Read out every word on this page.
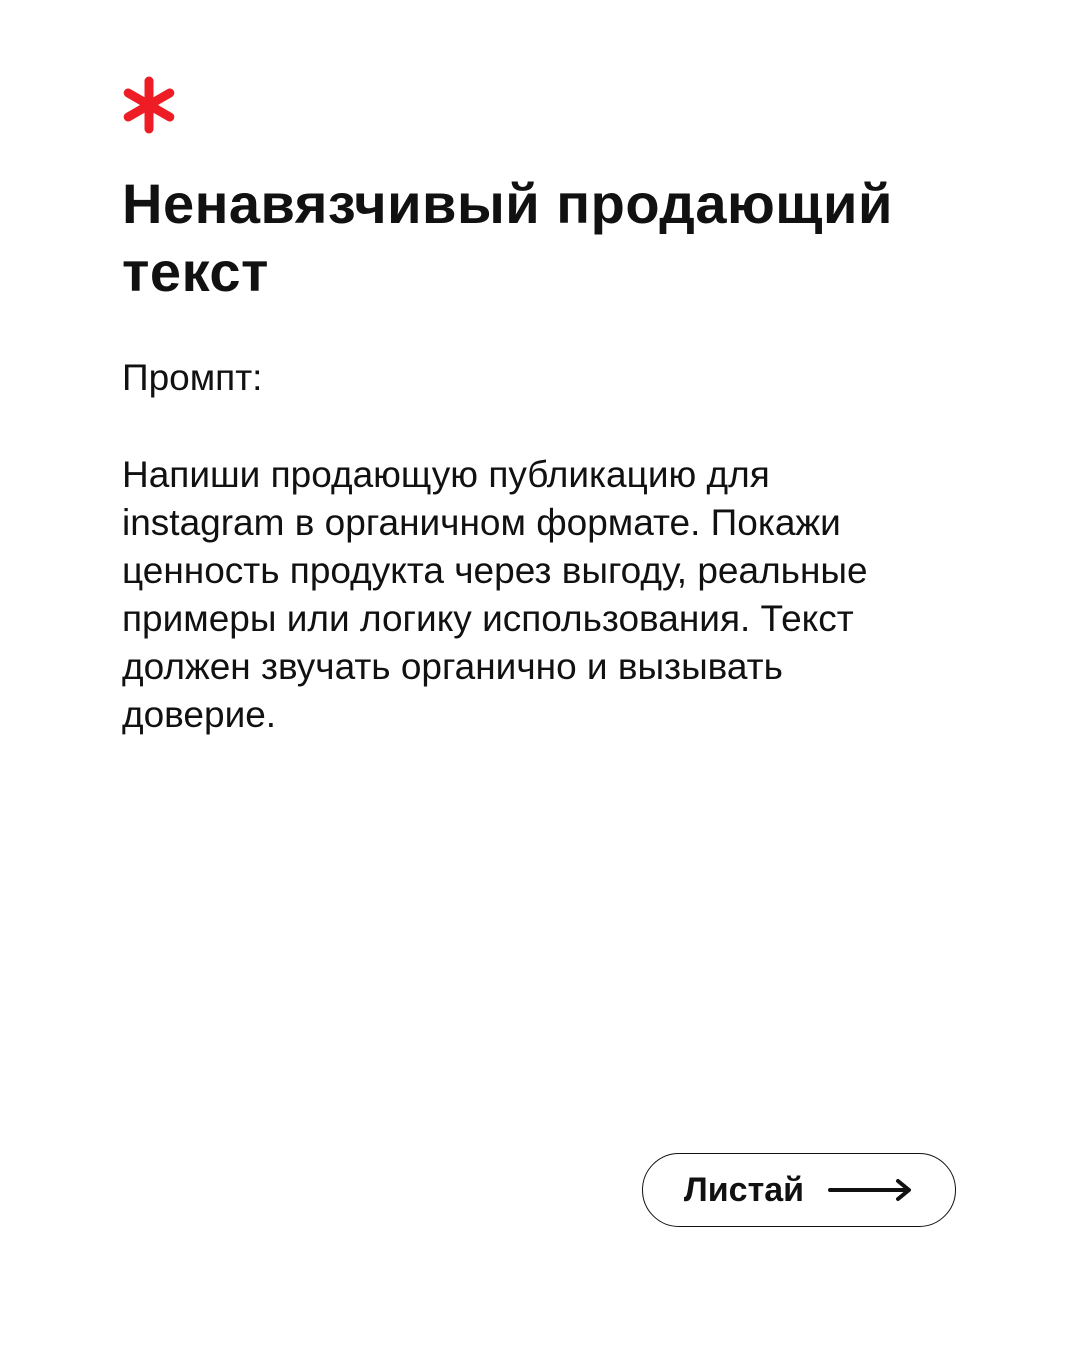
Ненавязчивый продающий текст

Промпт:

Напиши продающую публикацию для instagram в органичном формате. Покажи ценность продукта через выгоду, реальные примеры или логику использования. Текст должен звучать органично и вызывать доверие.

Листай
